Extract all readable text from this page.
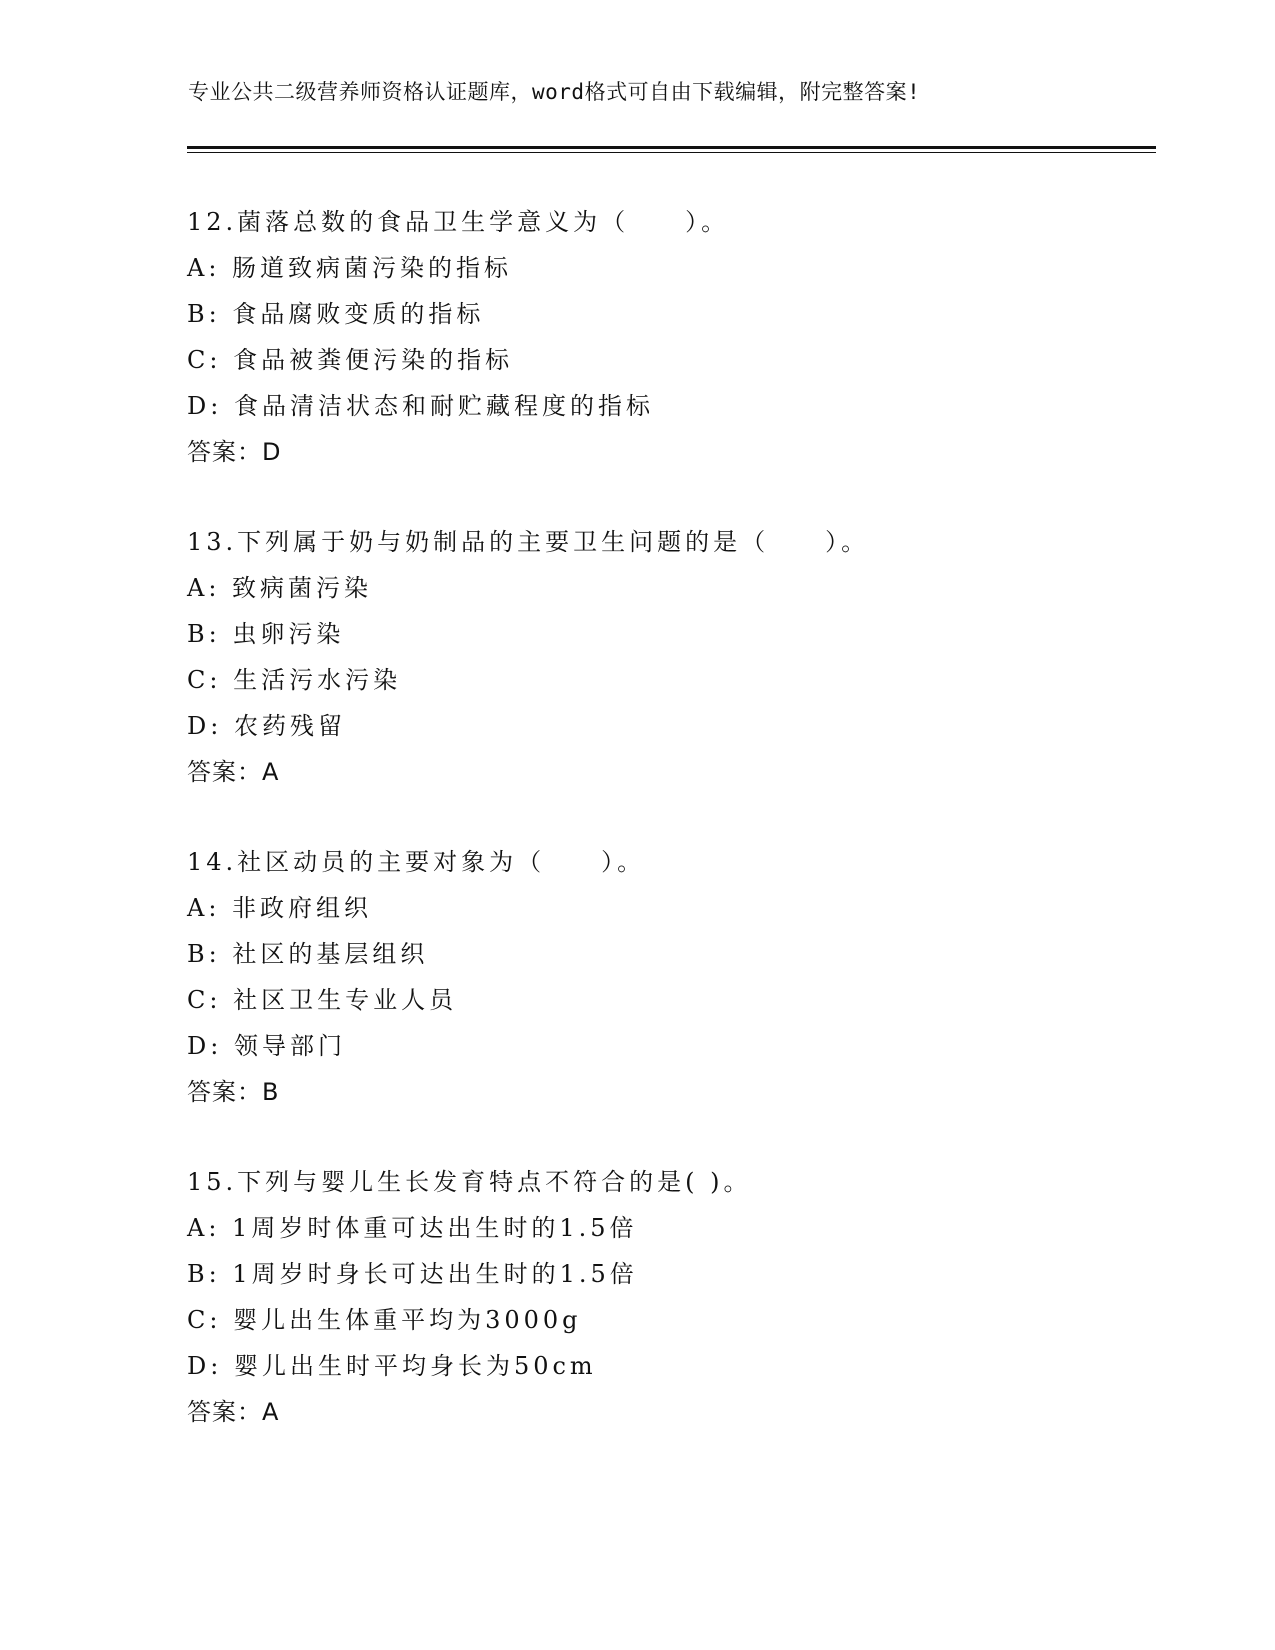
专业公共二级营养师资格认证题库，word格式可自由下载编辑，附完整答案!
12.菌落总数的食品卫生学意义为（　　）。
A: 肠道致病菌污染的指标
B: 食品腐败变质的指标
C: 食品被粪便污染的指标
D: 食品清洁状态和耐贮藏程度的指标
答案：D
13.下列属于奶与奶制品的主要卫生问题的是（　　）。
A: 致病菌污染
B: 虫卵污染
C: 生活污水污染
D: 农药残留
答案：A
14.社区动员的主要对象为（　　）。
A: 非政府组织
B: 社区的基层组织
C: 社区卫生专业人员
D: 领导部门
答案：B
15.下列与婴儿生长发育特点不符合的是( )。
A: 1周岁时体重可达出生时的1.5倍
B: 1周岁时身长可达出生时的1.5倍
C: 婴儿出生体重平均为3000g
D: 婴儿出生时平均身长为50cm
答案：A
